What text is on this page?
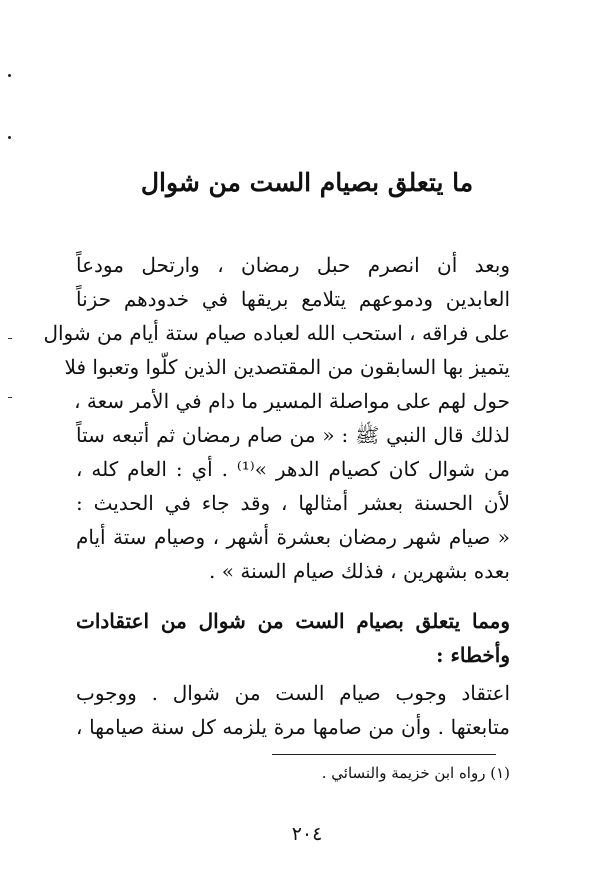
ما يتعلق بصيام الست من شوال
وبعد أن انصرم حبل رمضان ، وارتحل مودعاً
العابدين ودموعهم يتلامع بريقها في خدودهم حزناً
على فراقه ، استحب الله لعباده صيام ستة أيام من شوال
يتميز بها السابقون من المقتصدين الذين كلّوا وتعبوا فلا
حول لهم على مواصلة المسير ما دام في الأمر سعة ،
لذلك قال النبي ﷺ : « من صام رمضان ثم أتبعه ستاً
من شوال كان كصيام الدهر »⁽¹⁾ . أي : العام كله ،
لأن الحسنة بعشر أمثالها ، وقد جاء في الحديث :
« صيام شهر رمضان بعشرة أشهر ، وصيام ستة أيام
بعده بشهرين ، فذلك صيام السنة » .
ومما يتعلق بصيام الست من شوال من اعتقادات
وأخطاء :
اعتقاد وجوب صيام الست من شوال . ووجوب
متابعتها . وأن من صامها مرة يلزمه كل سنة صيامها ،

(١) رواه ابن خزيمة والنسائي .

٢٠٤
